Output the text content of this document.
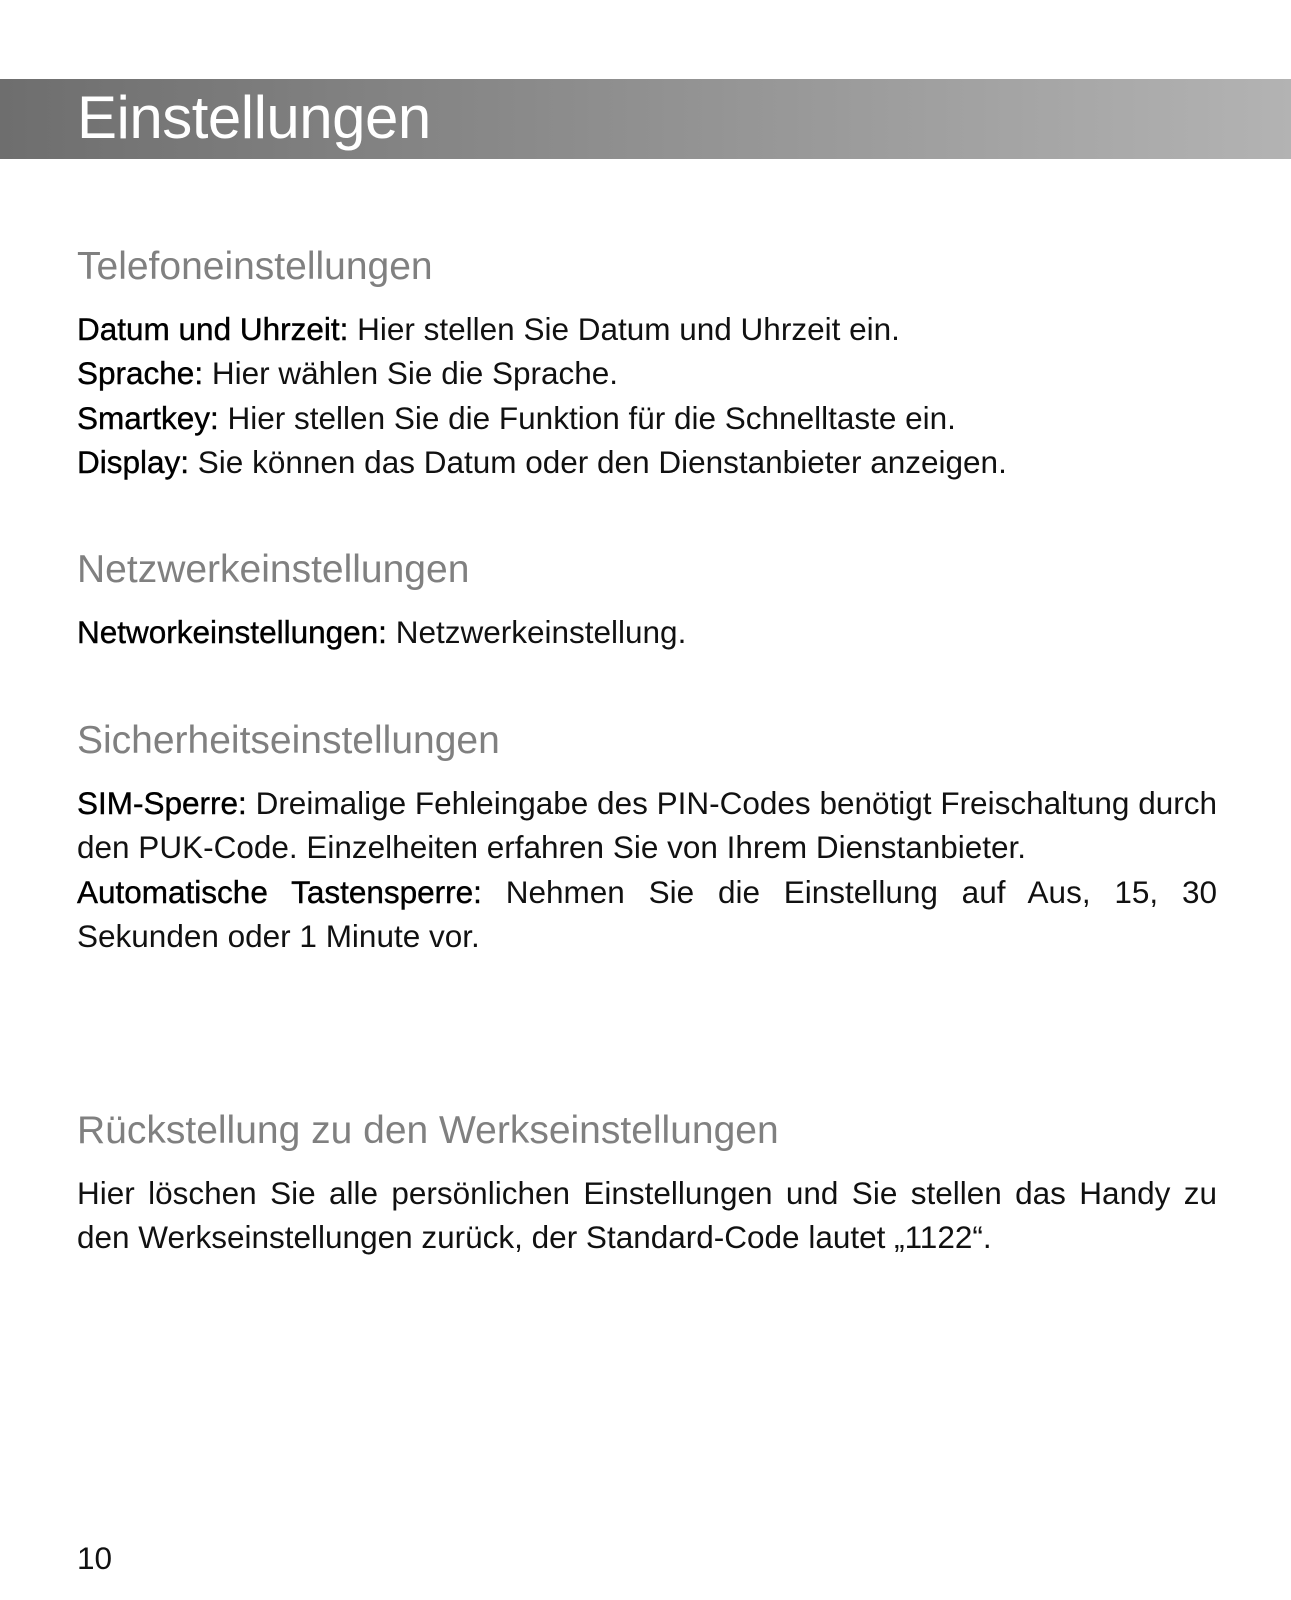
Einstellungen
Telefoneinstellungen

Datum und Uhrzeit: Hier stellen Sie Datum und Uhrzeit ein.

Sprache: Hier wählen Sie die Sprache.

Smartkey: Hier stellen Sie die Funktion für die Schnelltaste ein.

Display: Sie können das Datum oder den Dienstanbieter anzeigen.

Netzwerkeinstellungen

Networkeinstellungen: Netzwerkeinstellung.

Sicherheitseinstellungen

SIM-Sperre: Dreimalige Fehleingabe des PIN-Codes benötigt Freischaltung durch den PUK-Code. Einzelheiten erfahren Sie von Ihrem Dienstanbieter.

Automatische Tastensperre: Nehmen Sie die Einstellung auf Aus, 15, 30 Sekunden oder 1 Minute vor.

Rückstellung zu den Werkseinstellungen

Hier löschen Sie alle persönlichen Einstellungen und Sie stellen das Handy zu den Werkseinstellungen zurück, der Standard-Code lautet „1122“.

10
